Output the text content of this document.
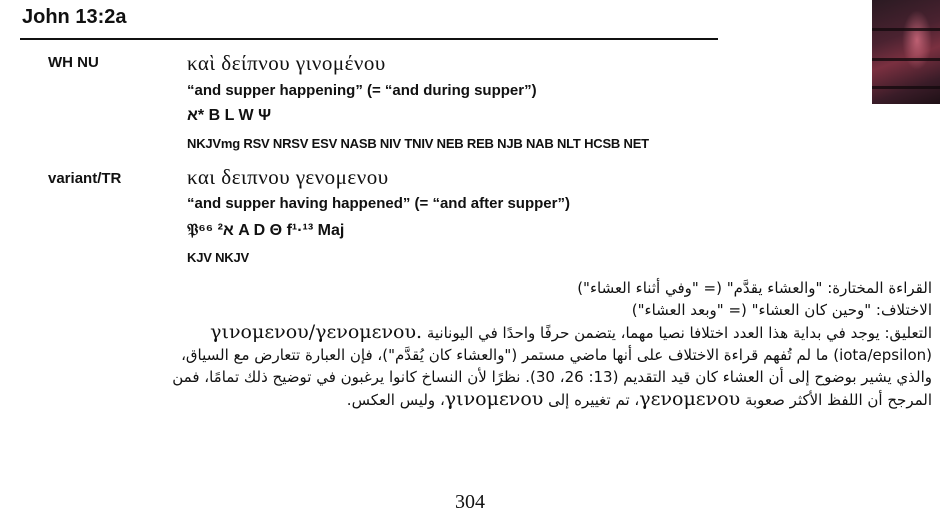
John 13:2a
WH NU	καὶ δείπνου γινομένου
“and supper happening” (= “and during supper”)
א* B L W Ψ
NKJVmg RSV NRSV ESV NASB NIV TNIV NEB REB NJB NAB NLT HCSB NET
variant/TR	και δειπνου γενομενου
“and supper having happened” (= “and after supper”)
𝔓⁶⁶ א² A D Θ f¹·¹³ Maj
KJV NKJV
القراءة المختارة: "والعشاء يقدَّم" (= "وفي أثناء العشاء")
الاختلاف: "وحين كان العشاء" (= "وبعد العشاء")
التعليق: يوجد في بداية هذا العدد اختلافا نصيا مهما، يتضمن حرفًا واحدًا في اليونانية γινομενου/γενομενου.
(iota/epsilon) ما لم تُفهم قراءة الاختلاف على أنها ماضي مستمر ("والعشاء كان يُقدَّم")، فإن العبارة تتعارض مع السياق،
والذي يشير بوضوح إلى أن العشاء كان قيد التقديم (13: 26، 30). نظرًا لأن النساخ كانوا يرغبون في توضيح ذلك تمامًا، فمن
المرجح أن اللفظ الأكثر صعوبة γενομενου، تم تغييره إلى γινομενου، وليس العكس.
304
